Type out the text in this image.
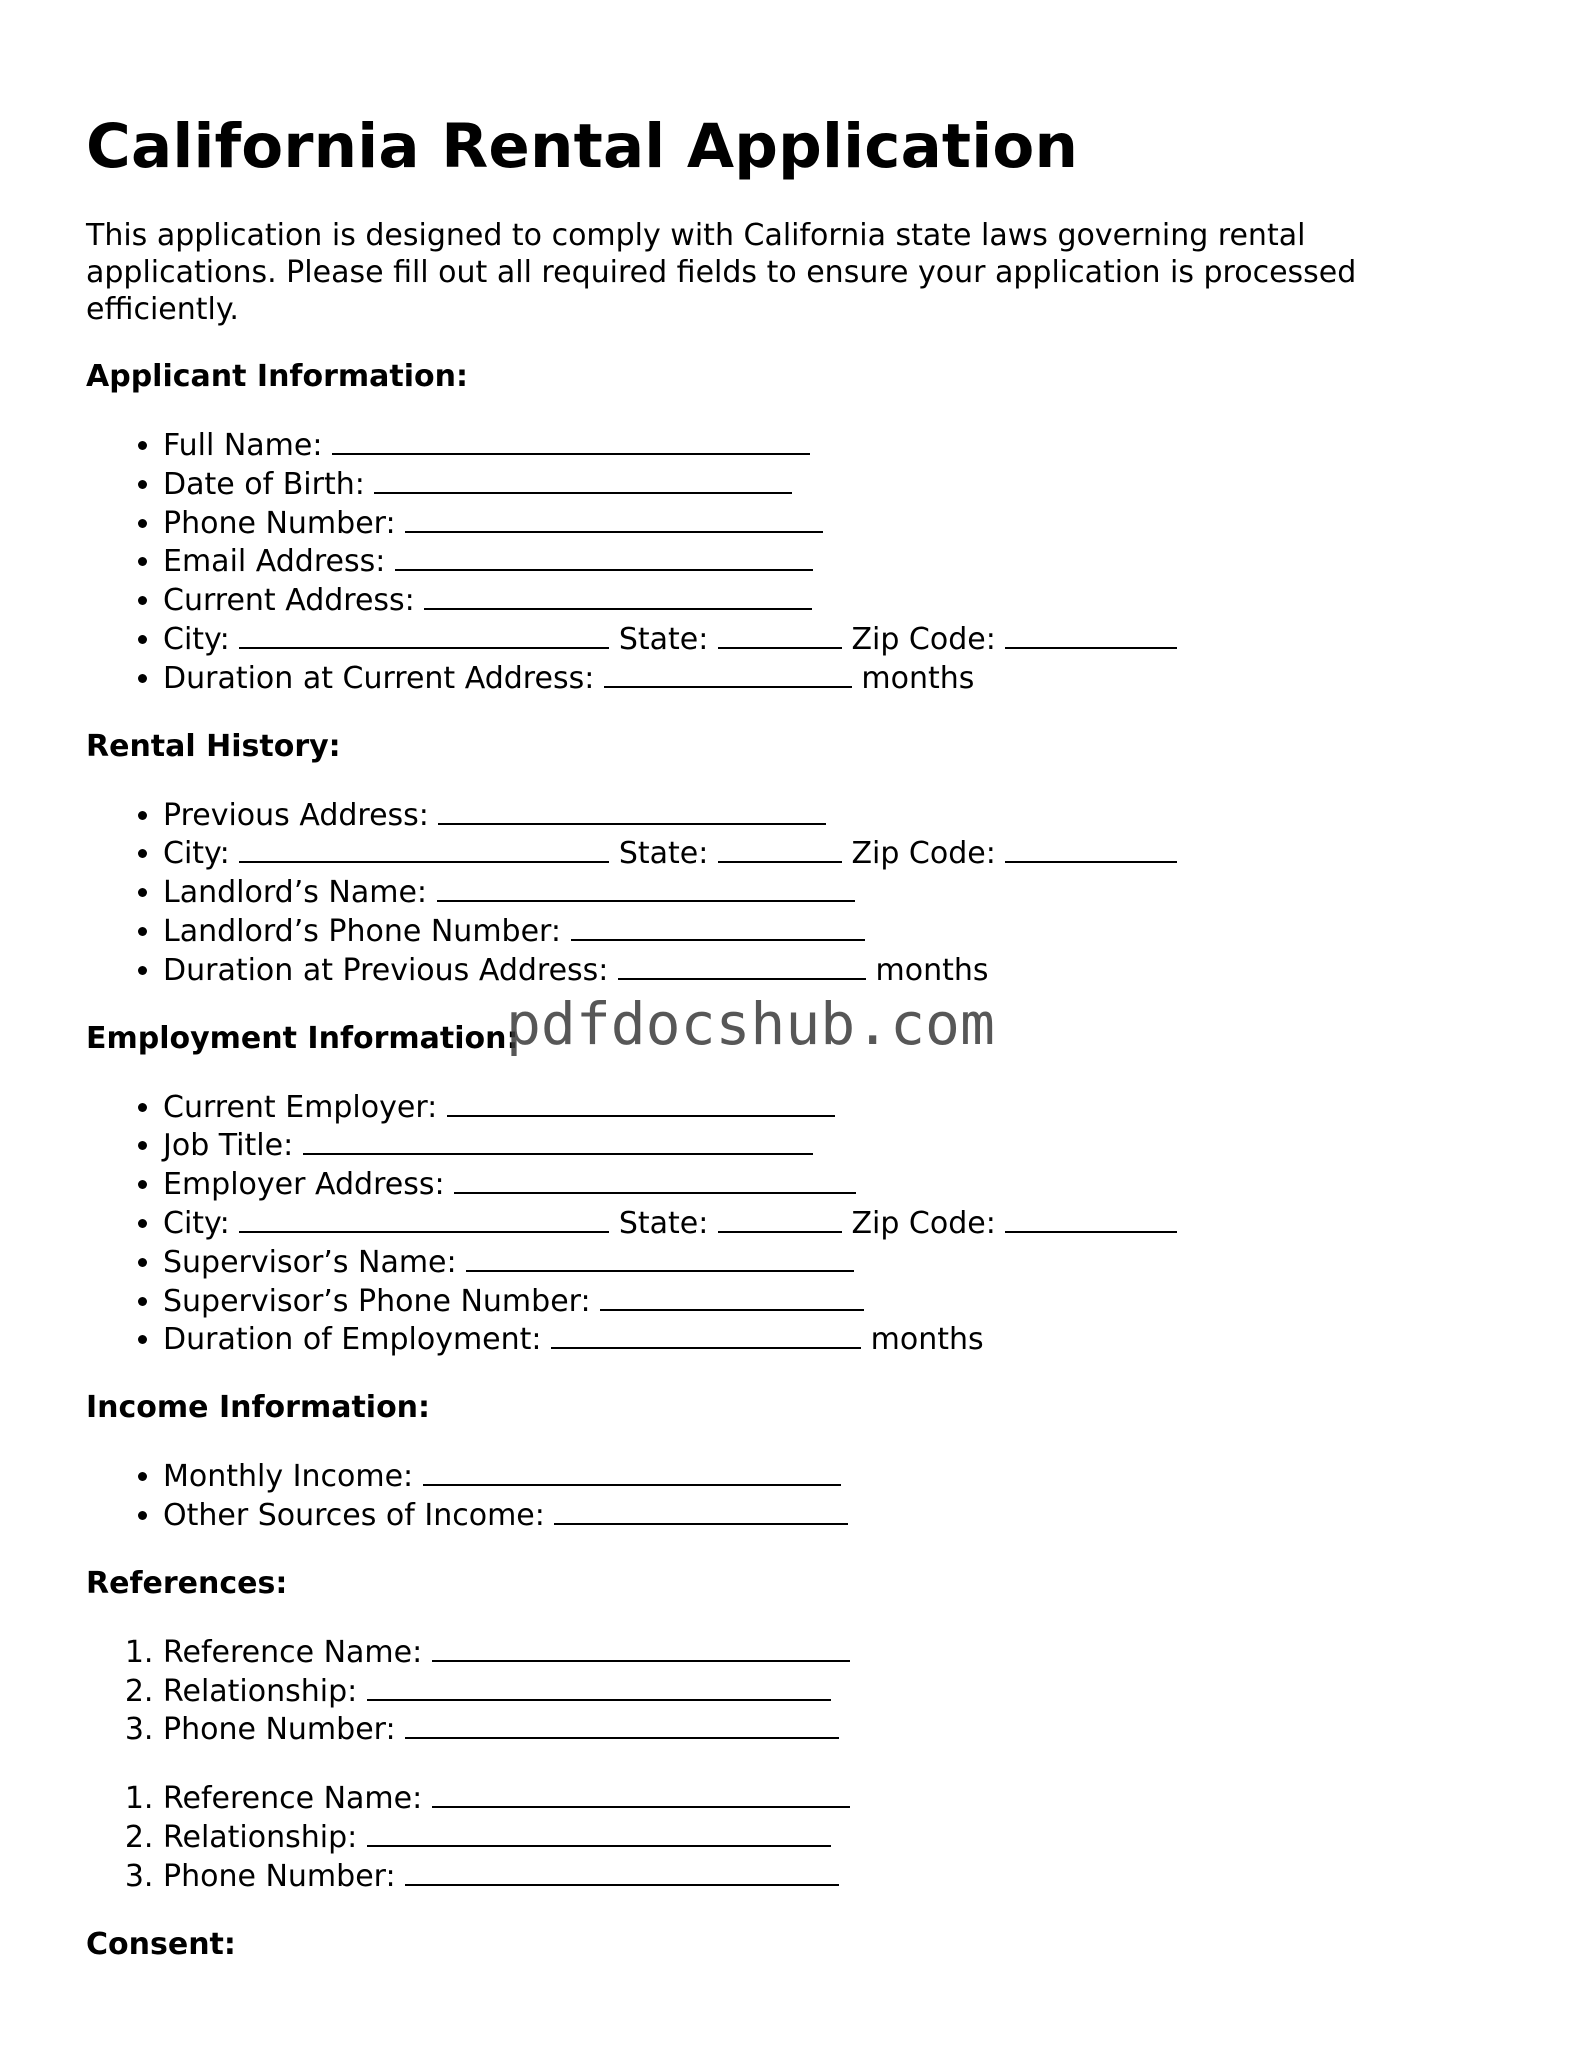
California Rental Application

This application is designed to comply with California state laws governing rental applications. Please fill out all required fields to ensure your application is processed efficiently.

Applicant Information:
• Full Name:
• Date of Birth:
• Phone Number:
• Email Address:
• Current Address:
• City:	State:	Zip Code:
• Duration at Current Address:	months
Rental History:
• Previous Address:
• City:	State:	Zip Code:
• Landlord’s Name:
• Landlord’s Phone Number:
• Duration at Previous Address:	months
Employment Information:
• Current Employer:
• Job Title:
• Employer Address:
• City:	State:	Zip Code:
• Supervisor’s Name:
• Supervisor’s Phone Number:
• Duration of Employment:	months
Income Information:
• Monthly Income:
• Other Sources of Income:
References:
1. Reference Name:
2. Relationship:
3. Phone Number:
1. Reference Name:
2. Relationship:
3. Phone Number:
Consent:
pdfdocshub.com
